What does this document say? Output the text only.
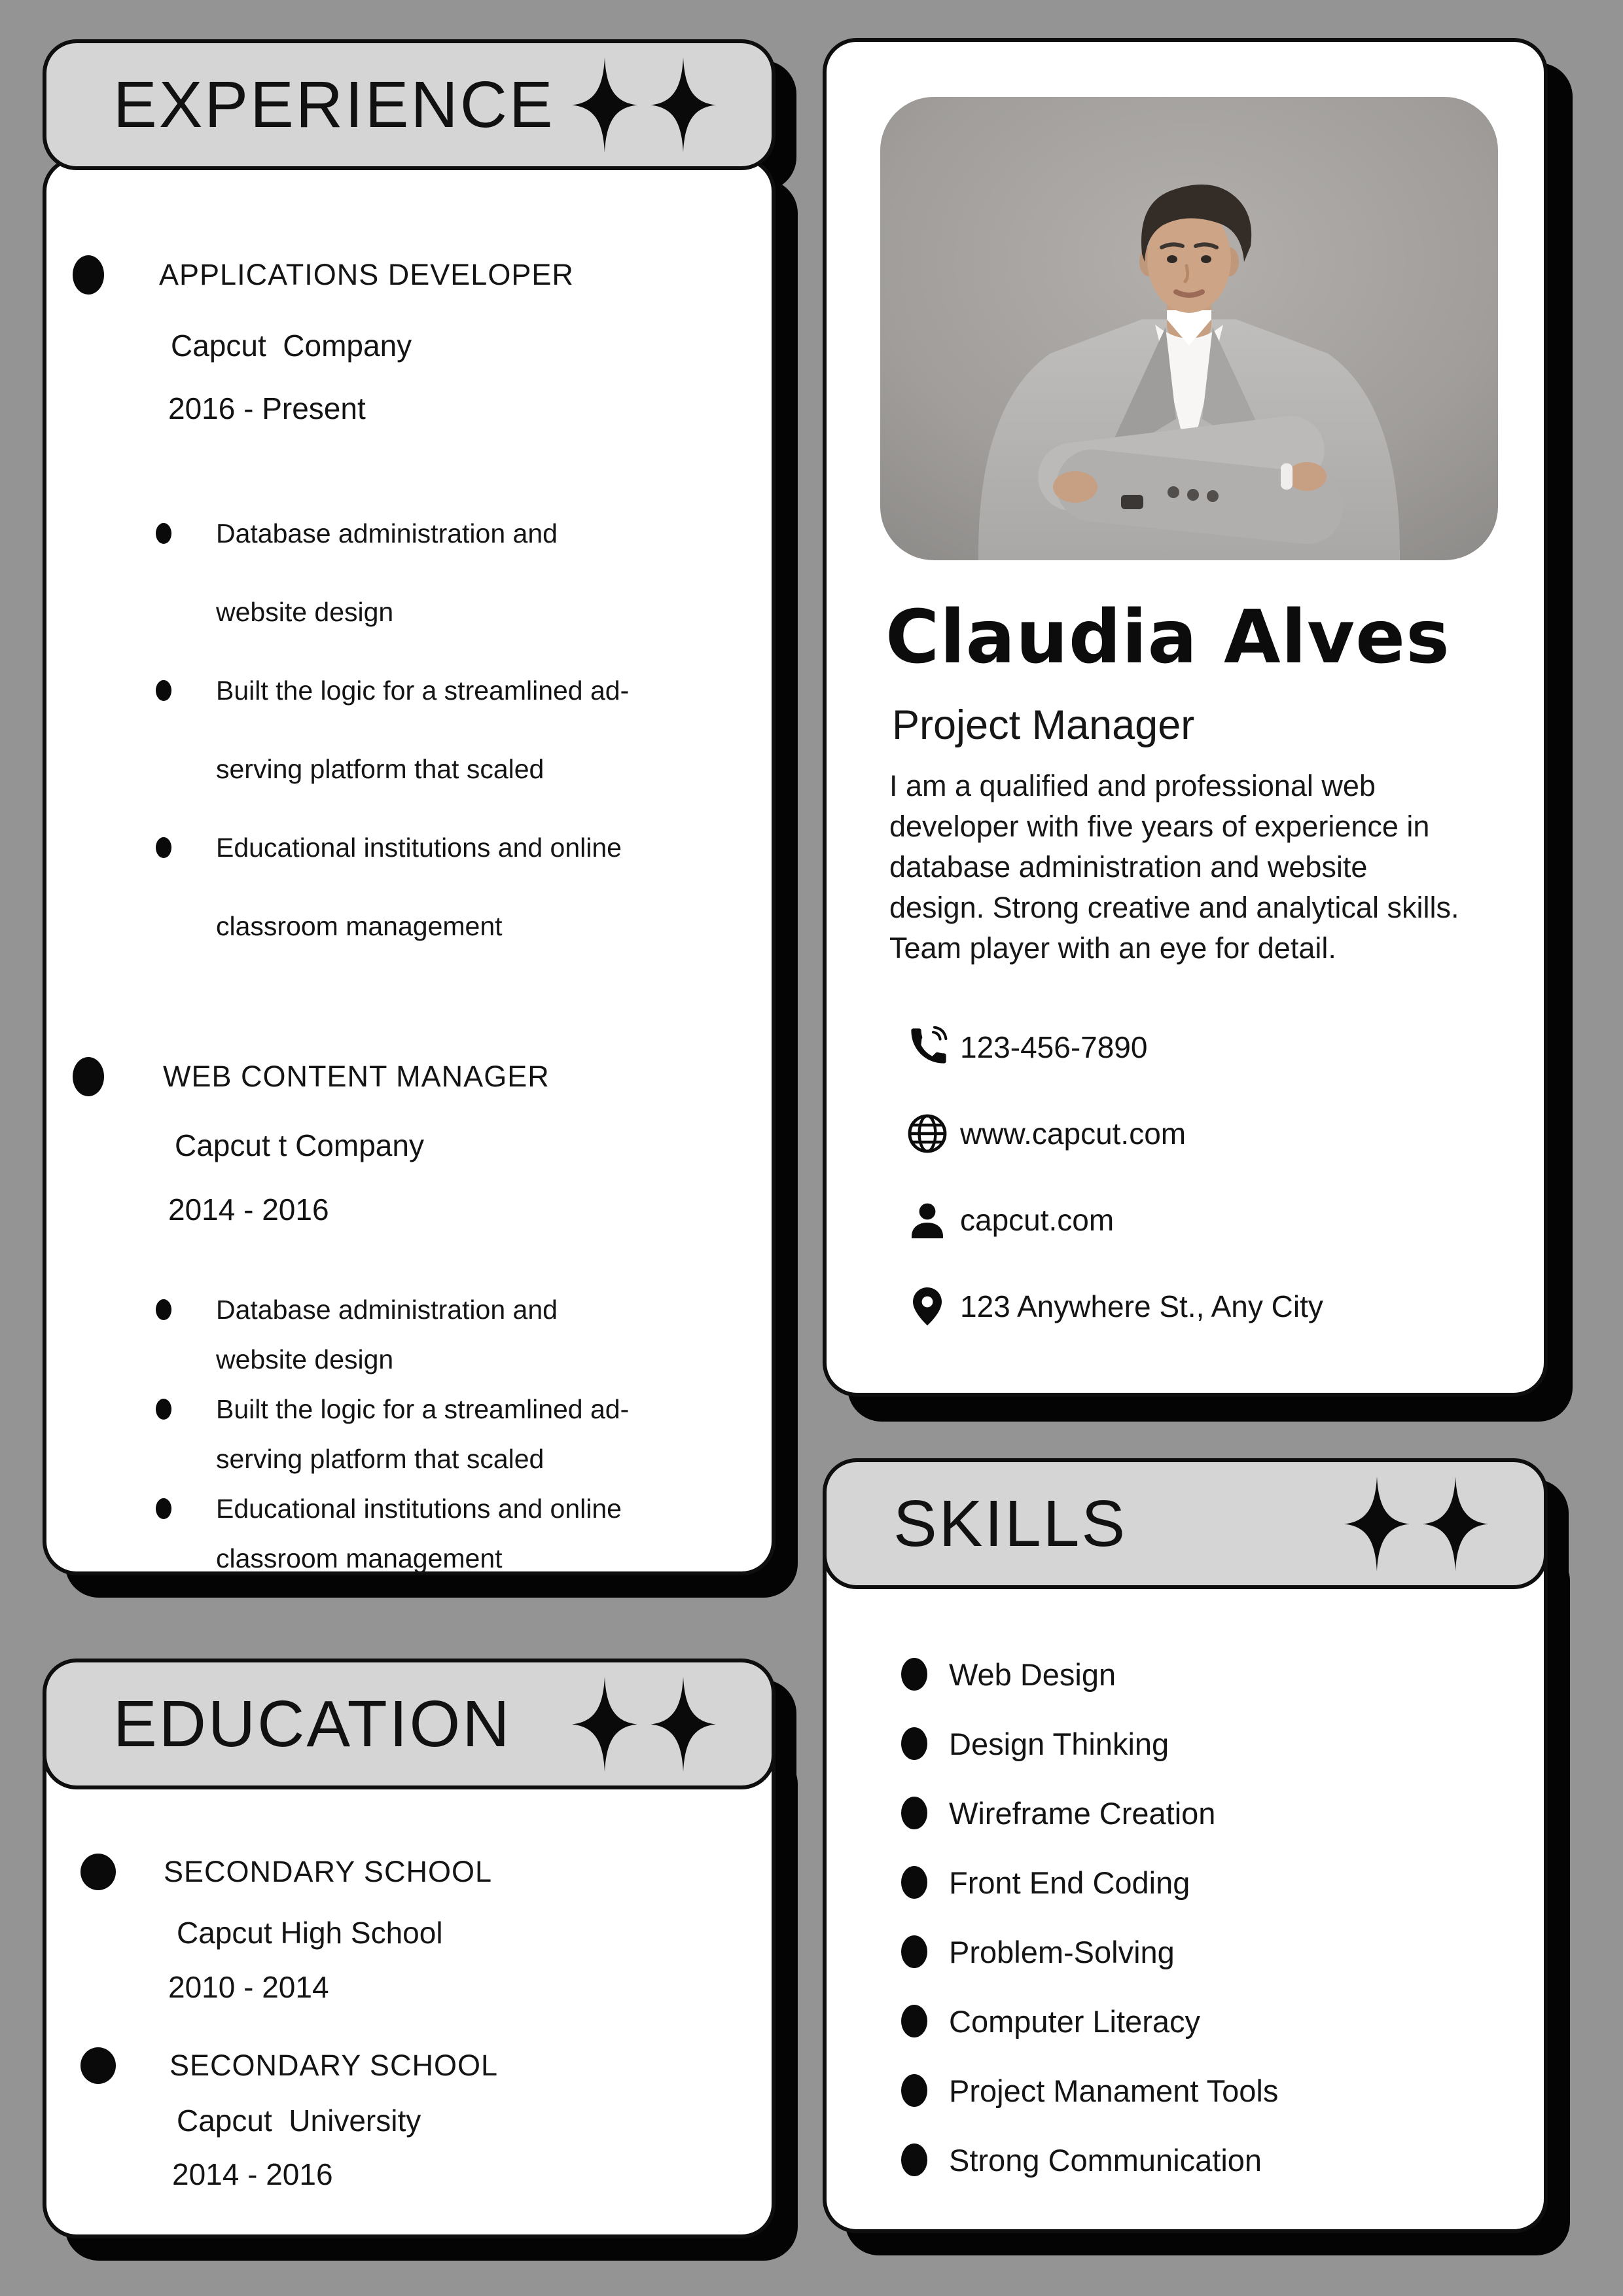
APPLICATIONS DEVELOPER
Capcut  Company
2016 - Present
Database administration and
website design
Built the logic for a streamlined ad-
serving platform that scaled
Educational institutions and online
classroom management
WEB CONTENT MANAGER
Capcut t Company
2014 - 2016
Database administration and
website design
Built the logic for a streamlined ad-
serving platform that scaled
Educational institutions and online
classroom management
EXPERIENCE
SECONDARY SCHOOL
Capcut High School
2010 - 2014
SECONDARY SCHOOL
Capcut  University
2014 - 2016
EDUCATION
Claudia Alves
Project Manager
I am a qualified and professional web
developer with five years of experience in
database administration and website
design. Strong creative and analytical skills.
Team player with an eye for detail.
123-456-7890
www.capcut.com
capcut.com
123 Anywhere St., Any City
Web Design
Design Thinking
Wireframe Creation
Front End Coding
Problem-Solving
Computer Literacy
Project Manament Tools
Strong Communication
SKILLS
